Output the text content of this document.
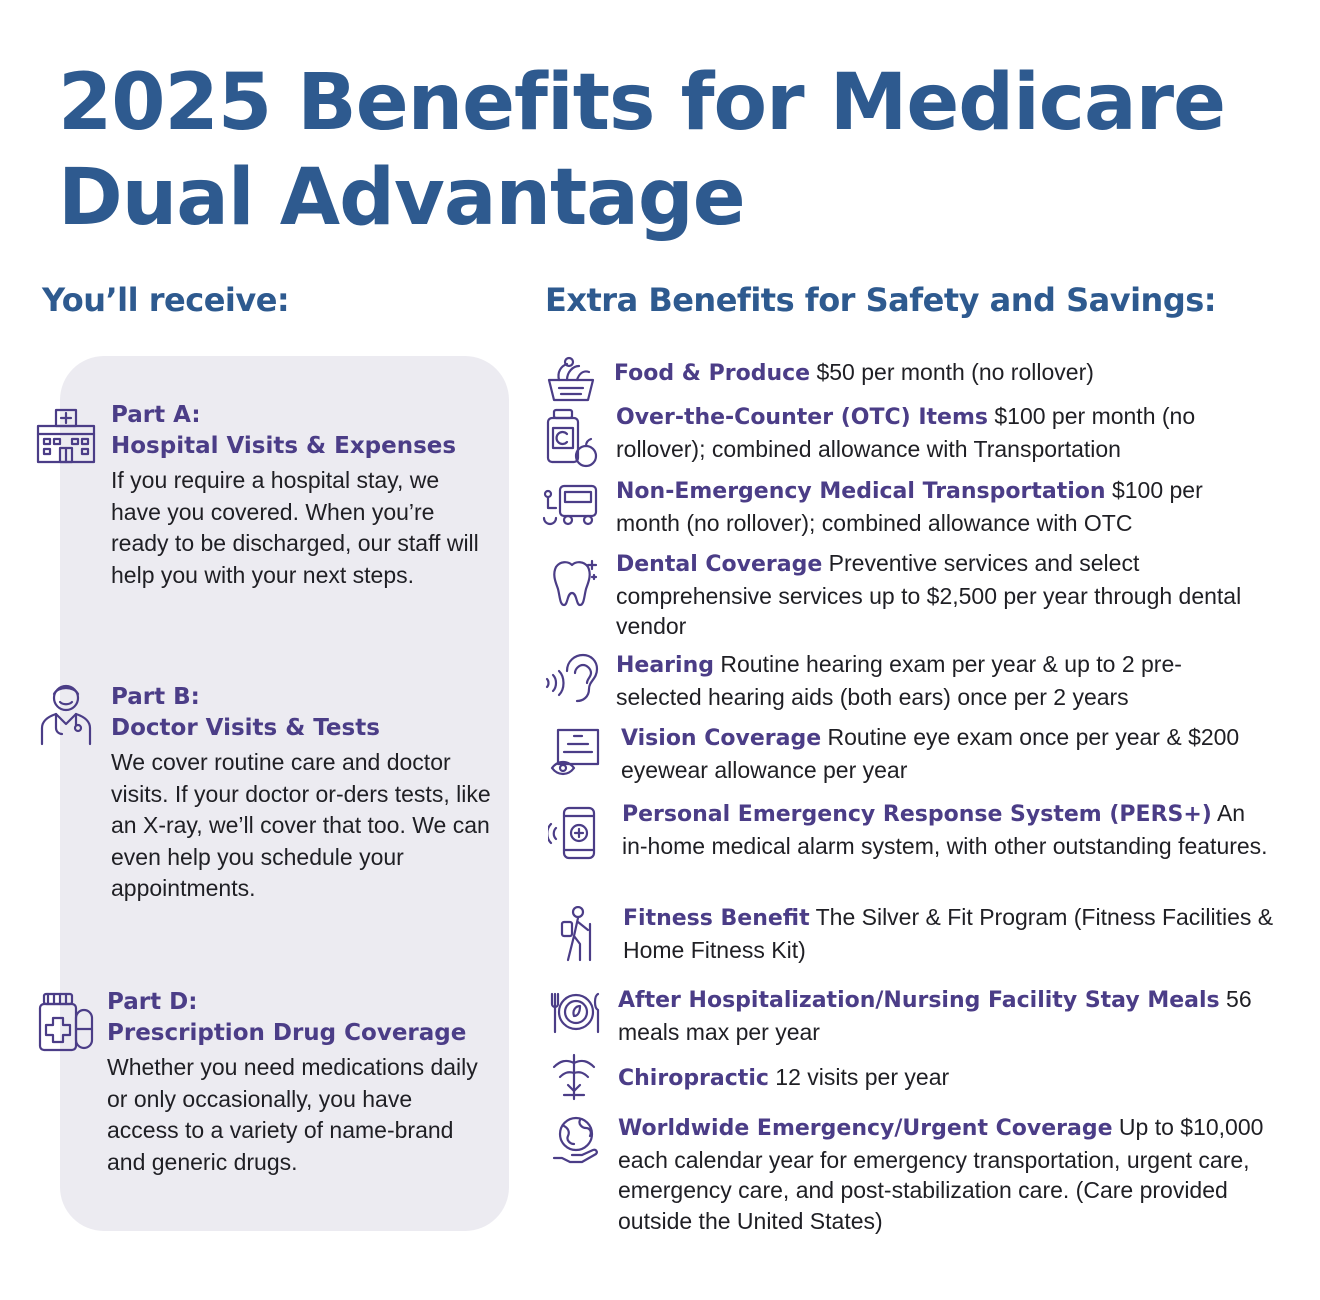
2025 Benefits for Medicare
Dual Advantage
You’ll receive:	Extra Benefits for Safety and Savings:
Part A:
Hospital Visits & Expenses
If you require a hospital stay, we have you covered. When you’re ready to be discharged, our staff will help you with your next steps.
Part B:
Doctor Visits & Tests
We cover routine care and doctor visits. If your doctor or-ders tests, like an X-ray, we’ll cover that too. We can even help you schedule your appointments.
Part D:
Prescription Drug Coverage
Whether you need medications daily or only occasionally, you have access to a variety of name-brand and generic drugs.
Food & Produce $50 per month (no rollover)
Over-the-Counter (OTC) Items $100 per month (no rollover); combined allowance with Transportation
Non-Emergency Medical Transportation $100 per month (no rollover); combined allowance with OTC
Dental Coverage Preventive services and select comprehensive services up to $2,500 per year through dental vendor
Hearing Routine hearing exam per year & up to 2 pre-selected hearing aids (both ears) once per 2 years
Vision Coverage Routine eye exam once per year & $200 eyewear allowance per year
Personal Emergency Response System (PERS+) An in-home medical alarm system, with other outstanding features.
Fitness Benefit The Silver & Fit Program (Fitness Facilities & Home Fitness Kit)
After Hospitalization/Nursing Facility Stay Meals 56 meals max per year
Chiropractic 12 visits per year
Worldwide Emergency/Urgent Coverage Up to $10,000 each calendar year for emergency transportation, urgent care, emergency care, and post-stabilization care. (Care provided outside the United States)
